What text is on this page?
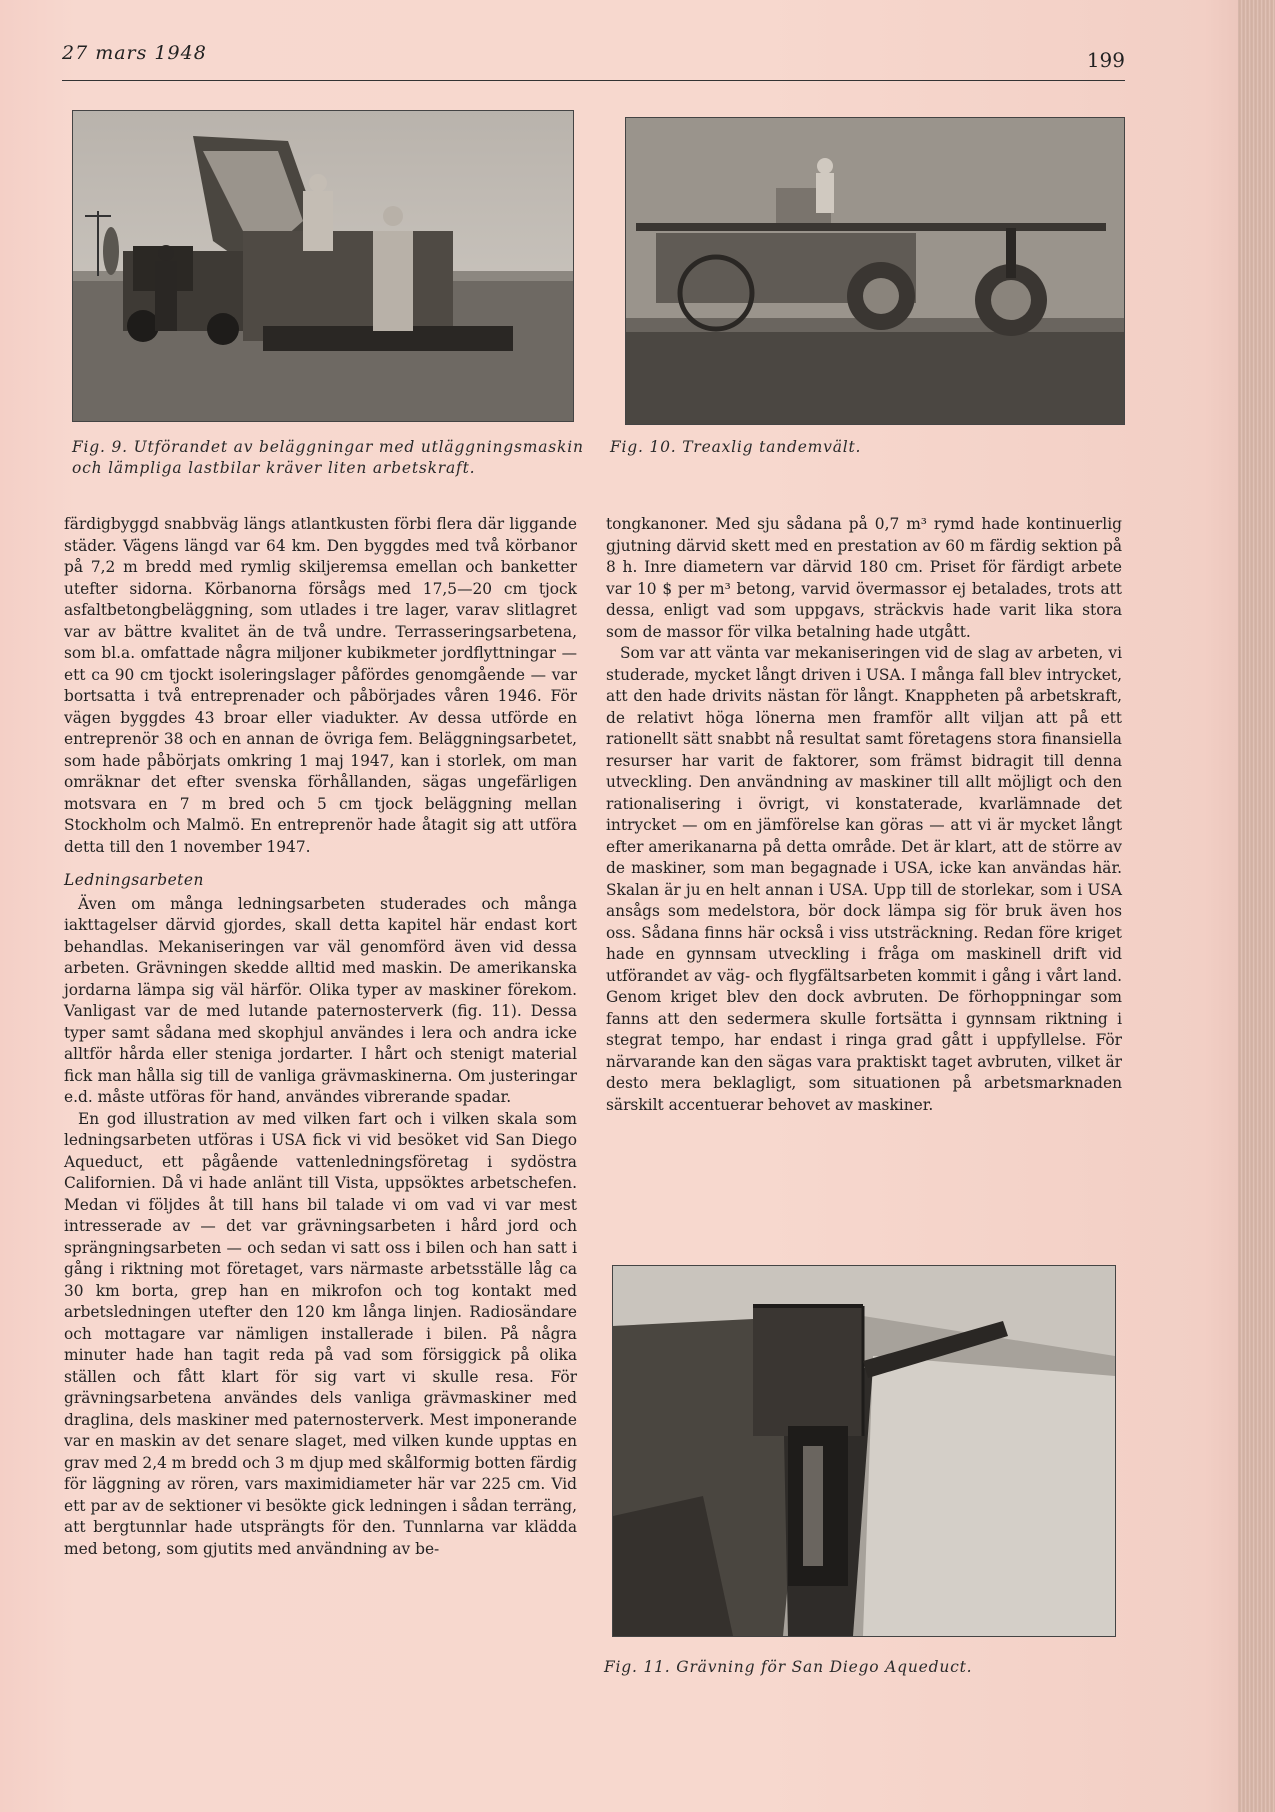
27 mars 1948	199
Fig. 9. Utförandet av beläggningar med utläggningsmaskin
och lämpliga lastbilar kräver liten arbetskraft.
Fig. 10. Treaxlig tandemvält.

färdigbyggd snabbväg längs atlantkusten förbi flera där liggande städer. Vägens längd var 64 km. Den byggdes med två körbanor på 7,2 m bredd med rymlig skiljeremsa emellan och banketter utefter sidorna. Körbanorna försågs med 17,5—20 cm tjock asfaltbetongbeläggning, som utlades i tre lager, varav slitlagret var av bättre kvalitet än de två undre. Terrasseringsarbetena, som bl.a. omfattade några miljoner kubikmeter jordflyttningar — ett ca 90 cm tjockt isoleringslager påfördes genomgående — var bortsatta i två entreprenader och påbörjades våren 1946. För vägen byggdes 43 broar eller viadukter. Av dessa utförde en entreprenör 38 och en annan de övriga fem. Beläggningsarbetet, som hade påbörjats omkring 1 maj 1947, kan i storlek, om man omräknar det efter svenska förhållanden, sägas ungefärligen motsvara en 7 m bred och 5 cm tjock beläggning mellan Stockholm och Malmö. En entreprenör hade åtagit sig att utföra detta till den 1 november 1947.

Ledningsarbeten

Även om många ledningsarbeten studerades och många iakttagelser därvid gjordes, skall detta kapitel här endast kort behandlas. Mekaniseringen var väl genomförd även vid dessa arbeten. Grävningen skedde alltid med maskin. De amerikanska jordarna lämpa sig väl härför. Olika typer av maskiner förekom. Vanligast var de med lutande paternosterverk (fig. 11). Dessa typer samt sådana med skophjul användes i lera och andra icke alltför hårda eller steniga jordarter. I hårt och stenigt material fick man hålla sig till de vanliga grävmaskinerna. Om justeringar e.d. måste utföras för hand, användes vibrerande spadar.

En god illustration av med vilken fart och i vilken skala som ledningsarbeten utföras i USA fick vi vid besöket vid San Diego Aqueduct, ett pågående vattenledningsföretag i sydöstra Californien. Då vi hade anlänt till Vista, uppsöktes arbetschefen. Medan vi följdes åt till hans bil talade vi om vad vi var mest intresserade av — det var grävningsarbeten i hård jord och sprängningsarbeten — och sedan vi satt oss i bilen och han satt i gång i riktning mot företaget, vars närmaste arbetsställe låg ca 30 km borta, grep han en mikrofon och tog kontakt med arbetsledningen utefter den 120 km långa linjen. Radiosändare och mottagare var nämligen installerade i bilen. På några minuter hade han tagit reda på vad som försiggick på olika ställen och fått klart för sig vart vi skulle resa. För grävningsarbetena användes dels vanliga grävmaskiner med draglina, dels maskiner med paternosterverk. Mest imponerande var en maskin av det senare slaget, med vilken kunde upptas en grav med 2,4 m bredd och 3 m djup med skålformig botten färdig för läggning av rören, vars maximidiameter här var 225 cm. Vid ett par av de sektioner vi besökte gick ledningen i sådan terräng, att bergtunnlar hade utsprängts för den. Tunnlarna var klädda med betong, som gjutits med användning av be-

tongkanoner. Med sju sådana på 0,7 m³ rymd hade kontinuerlig gjutning därvid skett med en prestation av 60 m färdig sektion på 8 h. Inre diametern var därvid 180 cm. Priset för färdigt arbete var 10 $ per m³ betong, varvid övermassor ej betalades, trots att dessa, enligt vad som uppgavs, sträckvis hade varit lika stora som de massor för vilka betalning hade utgått.

Som var att vänta var mekaniseringen vid de slag av arbeten, vi studerade, mycket långt driven i USA. I många fall blev intrycket, att den hade drivits nästan för långt. Knappheten på arbetskraft, de relativt höga lönerna men framför allt viljan att på ett rationellt sätt snabbt nå resultat samt företagens stora finansiella resurser har varit de faktorer, som främst bidragit till denna utveckling. Den användning av maskiner till allt möjligt och den rationalisering i övrigt, vi konstaterade, kvarlämnade det intrycket — om en jämförelse kan göras — att vi är mycket långt efter amerikanarna på detta område. Det är klart, att de större av de maskiner, som man begagnade i USA, icke kan användas här. Skalan är ju en helt annan i USA. Upp till de storlekar, som i USA ansågs som medelstora, bör dock lämpa sig för bruk även hos oss. Sådana finns här också i viss utsträckning. Redan före kriget hade en gynnsam utveckling i fråga om maskinell drift vid utförandet av väg- och flygfältsarbeten kommit i gång i vårt land. Genom kriget blev den dock avbruten. De förhoppningar som fanns att den sedermera skulle fortsätta i gynnsam riktning i stegrat tempo, har endast i ringa grad gått i uppfyllelse. För närvarande kan den sägas vara praktiskt taget avbruten, vilket är desto mera beklagligt, som situationen på arbetsmarknaden särskilt accentuerar behovet av maskiner.

Fig. 11. Grävning för San Diego Aqueduct.
